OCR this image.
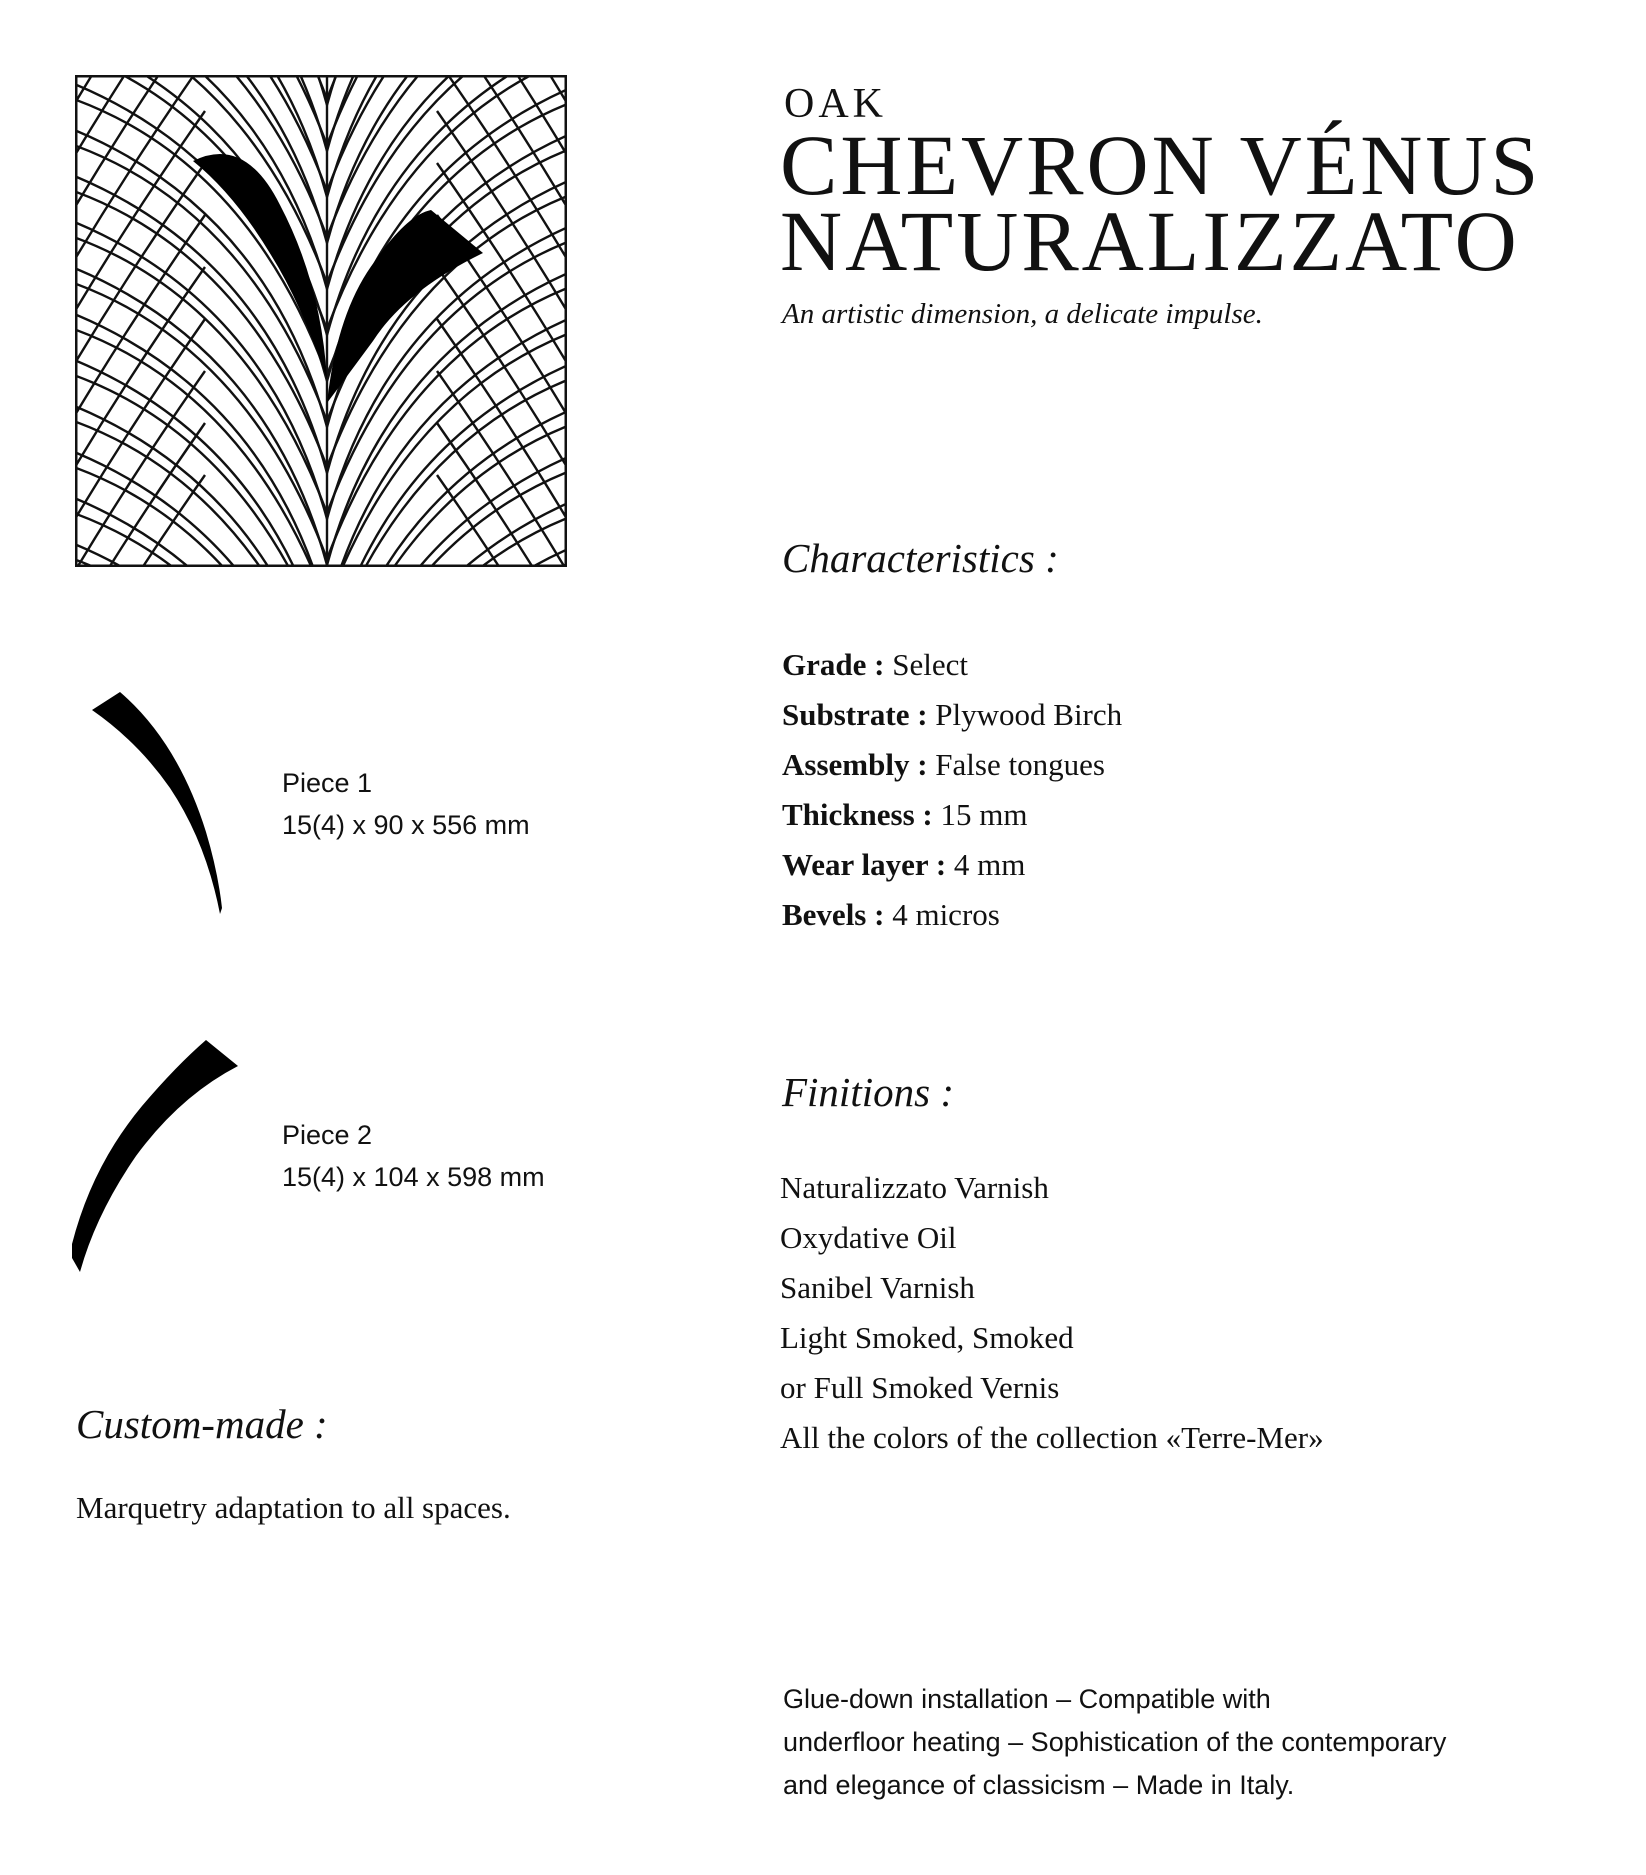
OAK
CHEVRON VÉNUS
NATURALIZZATO
An artistic dimension, a delicate impulse.
Piece 1
15(4) x 90 x 556 mm
Piece 2
15(4) x 104 x 598 mm
Characteristics :
Grade : Select
Substrate : Plywood Birch
Assembly : False tongues
Thickness : 15 mm
Wear layer : 4 mm
Bevels : 4 micros
Finitions :
Naturalizzato Varnish
Oxydative Oil
Sanibel Varnish
Light Smoked, Smoked
or Full Smoked Vernis
All the colors of the collection «Terre-Mer»
Custom-made :
Marquetry adaptation to all spaces.
Glue-down installation – Compatible with
underfloor heating – Sophistication of the contemporary
and elegance of classicism – Made in Italy.
